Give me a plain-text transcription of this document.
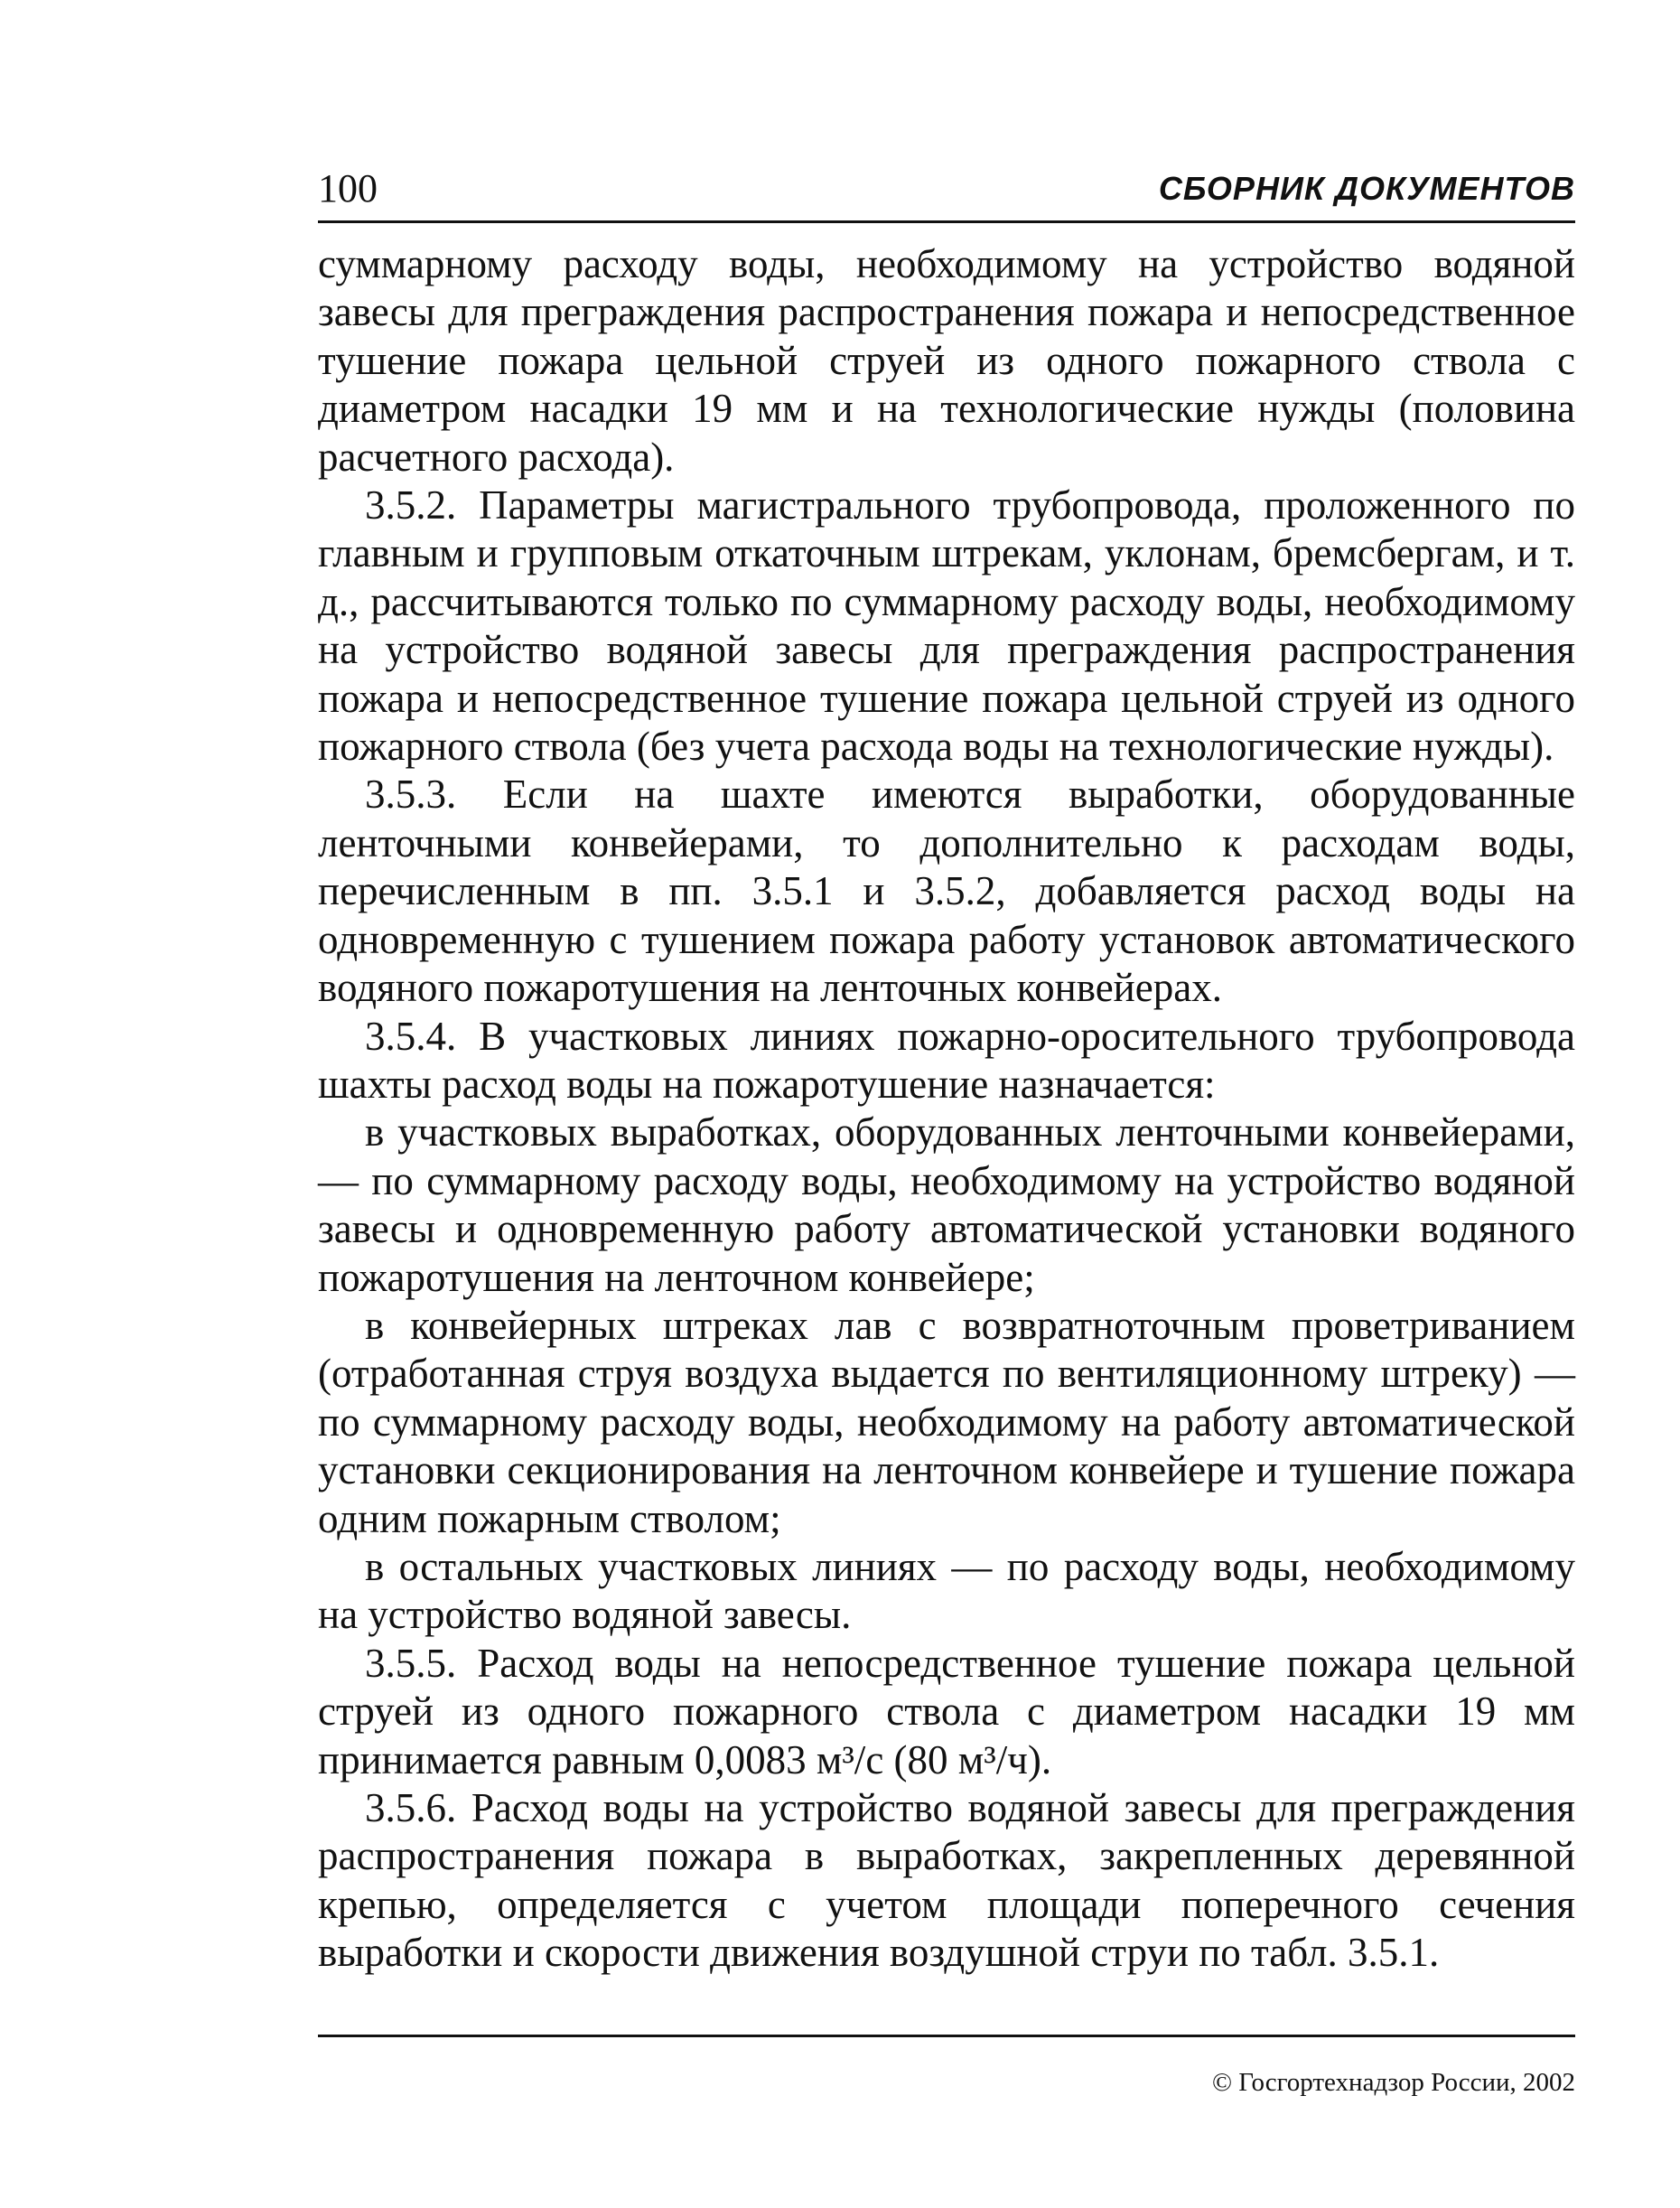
100	СБОРНИК ДОКУМЕНТОВ

суммарному расходу воды, необходимому на устройство водяной завесы для преграждения распространения пожара и непосредственное тушение пожара цельной струей из одного пожарного ствола с диаметром насадки 19 мм и на технологические нужды (половина расчетного расхода).

3.5.2. Параметры магистрального трубопровода, проложенного по главным и групповым откаточным штрекам, уклонам, бремсбергам, и т. д., рассчитываются только по суммарному расходу воды, необходимому на устройство водяной завесы для преграждения распространения пожара и непосредственное тушение пожара цельной струей из одного пожарного ствола (без учета расхода воды на технологические нужды).

3.5.3. Если на шахте имеются выработки, оборудованные ленточными конвейерами, то дополнительно к расходам воды, перечисленным в пп. 3.5.1 и 3.5.2, добавляется расход воды на одновременную с тушением пожара работу установок автоматического водяного пожаротушения на ленточных конвейерах.

3.5.4. В участковых линиях пожарно-оросительного трубопровода шахты расход воды на пожаротушение назначается:

в участковых выработках, оборудованных ленточными конвейерами, — по суммарному расходу воды, необходимому на устройство водяной завесы и одновременную работу автоматической установки водяного пожаротушения на ленточном конвейере;

в конвейерных штреках лав с возвратноточным проветриванием (отработанная струя воздуха выдается по вентиляционному штреку) — по суммарному расходу воды, необходимому на работу автоматической установки секционирования на ленточном конвейере и тушение пожара одним пожарным стволом;

в остальных участковых линиях — по расходу воды, необходимому на устройство водяной завесы.

3.5.5. Расход воды на непосредственное тушение пожара цельной струей из одного пожарного ствола с диаметром насадки 19 мм принимается равным 0,0083 м³/с (80 м³/ч).

3.5.6. Расход воды на устройство водяной завесы для преграждения распространения пожара в выработках, закрепленных деревянной крепью, определяется с учетом площади поперечного сечения выработки и скорости движения воздушной струи по табл. 3.5.1.

© Госгортехнадзор России, 2002
